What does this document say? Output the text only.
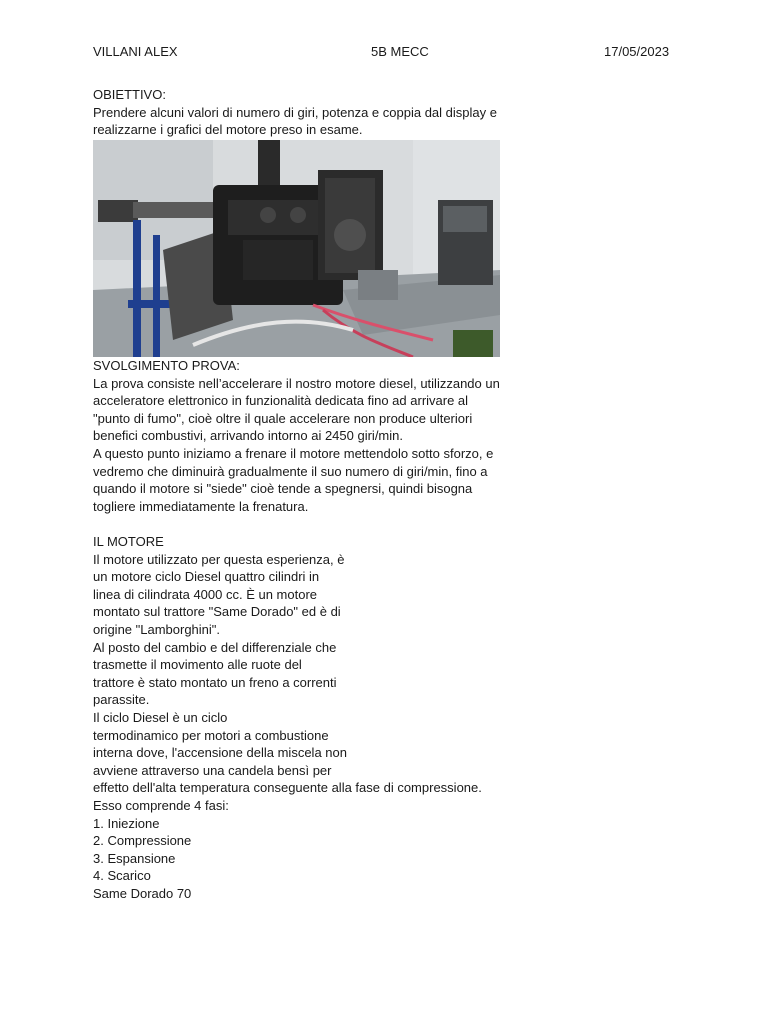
VILLANI ALEX	5B MECC	17/05/2023
OBIETTIVO:
Prendere alcuni valori di numero di giri, potenza e coppia dal display e
realizzarne i grafici del motore preso in esame.
SVOLGIMENTO PROVA:
La prova consiste nell’accelerare il nostro motore diesel, utilizzando un
acceleratore elettronico in funzionalità dedicata fino ad arrivare al
"punto di fumo", cioè oltre il quale accelerare non produce ulteriori
benefici combustivi, arrivando intorno ai 2450 giri/min.
A questo punto iniziamo a frenare il motore mettendolo sotto sforzo, e
vedremo che diminuirà gradualmente il suo numero di giri/min, fino a
quando il motore si "siede" cioè tende a spegnersi, quindi bisogna
togliere immediatamente la frenatura.
IL MOTORE
Il motore utilizzato per questa esperienza, è
un motore ciclo Diesel quattro cilindri in
linea di cilindrata 4000 cc. È un motore
montato sul trattore "Same Dorado" ed è di
origine "Lamborghini".
Al posto del cambio e del differenziale che
trasmette il movimento alle ruote del
trattore è stato montato un freno a correnti
parassite.
Il ciclo Diesel è un ciclo
termodinamico per motori a combustione
interna dove, l'accensione della miscela non
avviene attraverso una candela bensì per
effetto dell'alta temperatura conseguente alla fase di compressione.
Esso comprende 4 fasi:
1. Iniezione
2. Compressione
3. Espansione
4. Scarico
Same Dorado 70
